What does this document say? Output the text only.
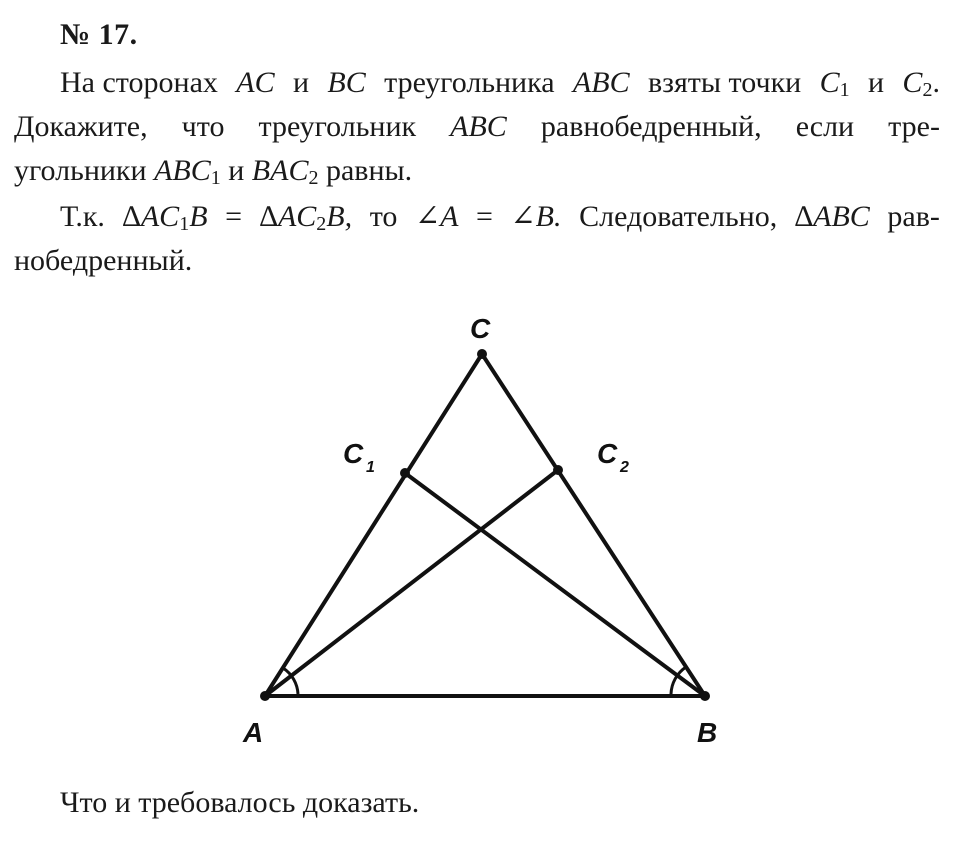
№ 17.
На сторонах AC и BC треугольника ABC взяты точки $C_1$ и $C_2$.
Докажите, что треугольник ABC равнобедренный, если тре-
угольники $ABC_1$ и $BAC_2$ равны.
Т.к. $\Delta AC_1B = \Delta AC_2B$, то ∠A = ∠B. Следовательно, ∆ABC рав-
нобедренный.
C
C 1	C 2
A	B
Что и требовалось доказать.
